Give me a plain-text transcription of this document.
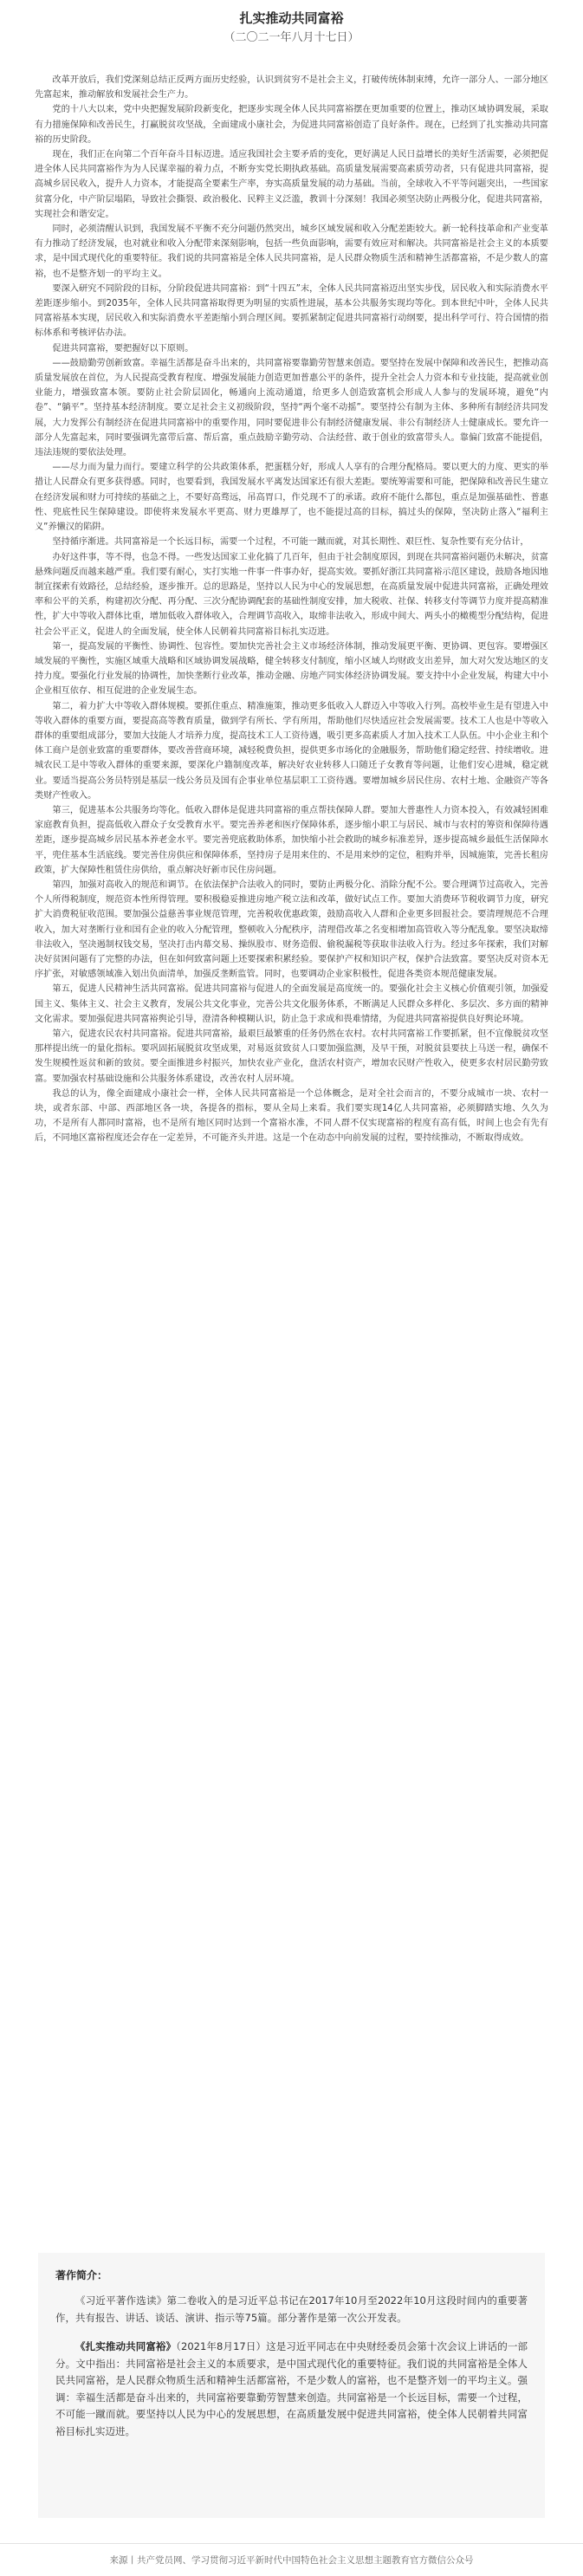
扎实推动共同富裕
（二〇二一年八月十七日）

改革开放后，我们党深刻总结正反两方面历史经验，认识到贫穷不是社会主义，打破传统体制束缚，允许一部分人、一部分地区先富起来，推动解放和发展社会生产力。

党的十八大以来，党中央把握发展阶段新变化，把逐步实现全体人民共同富裕摆在更加重要的位置上，推动区域协调发展，采取有力措施保障和改善民生，打赢脱贫攻坚战，全面建成小康社会，为促进共同富裕创造了良好条件。现在，已经到了扎实推动共同富裕的历史阶段。

现在，我们正在向第二个百年奋斗目标迈进。适应我国社会主要矛盾的变化，更好满足人民日益增长的美好生活需要，必须把促进全体人民共同富裕作为为人民谋幸福的着力点，不断夯实党长期执政基础。高质量发展需要高素质劳动者，只有促进共同富裕，提高城乡居民收入，提升人力资本，才能提高全要素生产率，夯实高质量发展的动力基础。当前，全球收入不平等问题突出，一些国家贫富分化，中产阶层塌陷，导致社会撕裂、政治极化、民粹主义泛滥，教训十分深刻！我国必须坚决防止两极分化，促进共同富裕，实现社会和谐安定。

同时，必须清醒认识到，我国发展不平衡不充分问题仍然突出，城乡区域发展和收入分配差距较大。新一轮科技革命和产业变革有力推动了经济发展，也对就业和收入分配带来深刻影响，包括一些负面影响，需要有效应对和解决。共同富裕是社会主义的本质要求，是中国式现代化的重要特征。我们说的共同富裕是全体人民共同富裕，是人民群众物质生活和精神生活都富裕，不是少数人的富裕，也不是整齐划一的平均主义。

要深入研究不同阶段的目标，分阶段促进共同富裕：到“十四五”末，全体人民共同富裕迈出坚实步伐，居民收入和实际消费水平差距逐步缩小。到2035年，全体人民共同富裕取得更为明显的实质性进展，基本公共服务实现均等化。到本世纪中叶，全体人民共同富裕基本实现，居民收入和实际消费水平差距缩小到合理区间。要抓紧制定促进共同富裕行动纲要，提出科学可行、符合国情的指标体系和考核评估办法。

促进共同富裕，要把握好以下原则。

——鼓励勤劳创新致富。幸福生活都是奋斗出来的，共同富裕要靠勤劳智慧来创造。要坚持在发展中保障和改善民生，把推动高质量发展放在首位，为人民提高受教育程度、增强发展能力创造更加普惠公平的条件，提升全社会人力资本和专业技能，提高就业创业能力，增强致富本领。要防止社会阶层固化，畅通向上流动通道，给更多人创造致富机会形成人人参与的发展环境，避免“内卷”、“躺平”。坚持基本经济制度。要立足社会主义初级阶段，坚持“两个毫不动摇”。要坚持公有制为主体、多种所有制经济共同发展，大力发挥公有制经济在促进共同富裕中的重要作用，同时要促进非公有制经济健康发展、非公有制经济人士健康成长。要允许一部分人先富起来，同时要强调先富带后富、帮后富，重点鼓励辛勤劳动、合法经营、敢于创业的致富带头人。靠偏门致富不能提倡，违法违规的要依法处理。

——尽力而为量力而行。要建立科学的公共政策体系，把蛋糕分好，形成人人享有的合理分配格局。要以更大的力度、更实的举措让人民群众有更多获得感。同时，也要看到，我国发展水平离发达国家还有很大差距。要统筹需要和可能，把保障和改善民生建立在经济发展和财力可持续的基础之上，不要好高骛远，吊高胃口，作兑现不了的承诺。政府不能什么都包，重点是加强基础性、普惠性、兜底性民生保障建设。即使将来发展水平更高、财力更雄厚了，也不能提过高的目标，搞过头的保障，坚决防止落入“福利主义”养懒汉的陷阱。

坚持循序渐进。共同富裕是一个长远目标，需要一个过程，不可能一蹴而就，对其长期性、艰巨性、复杂性要有充分估计，

办好这件事，等不得，也急不得。一些发达国家工业化搞了几百年，但由于社会制度原因，到现在共同富裕问题仍未解决，贫富悬殊问题反而越来越严重。我们要有耐心，实打实地一件事一件事办好，提高实效。要抓好浙江共同富裕示范区建设，鼓励各地因地制宜探索有效路径，总结经验，逐步推开。总的思路是，坚持以人民为中心的发展思想，在高质量发展中促进共同富裕，正确处理效率和公平的关系，构建初次分配、再分配、三次分配协调配套的基础性制度安排，加大税收、社保、转移支付等调节力度并提高精准性，扩大中等收入群体比重，增加低收入群体收入，合理调节高收入，取缔非法收入，形成中间大、两头小的橄榄型分配结构，促进社会公平正义，促进人的全面发展，使全体人民朝着共同富裕目标扎实迈进。

第一，提高发展的平衡性、协调性、包容性。要加快完善社会主义市场经济体制，推动发展更平衡、更协调、更包容。要增强区域发展的平衡性，实施区域重大战略和区域协调发展战略，健全转移支付制度，缩小区域人均财政支出差异，加大对欠发达地区的支持力度。要强化行业发展的协调性，加快垄断行业改革，推动金融、房地产同实体经济协调发展。要支持中小企业发展，构建大中小企业相互依存、相互促进的企业发展生态。

第二，着力扩大中等收入群体规模。要抓住重点、精准施策，推动更多低收入人群迈入中等收入行列。高校毕业生是有望进入中等收入群体的重要方面，要提高高等教育质量，做到学有所长、学有所用，帮助他们尽快适应社会发展需要。技术工人也是中等收入群体的重要组成部分，要加大技能人才培养力度，提高技术工人工资待遇，吸引更多高素质人才加入技术工人队伍。中小企业主和个体工商户是创业致富的重要群体，要改善营商环境，减轻税费负担，提供更多市场化的金融服务，帮助他们稳定经营、持续增收。进城农民工是中等收入群体的重要来源，要深化户籍制度改革，解决好农业转移人口随迁子女教育等问题，让他们安心进城，稳定就业。要适当提高公务员特别是基层一线公务员及国有企事业单位基层职工工资待遇。要增加城乡居民住房、农村土地、金融资产等各类财产性收入。

第三，促进基本公共服务均等化。低收入群体是促进共同富裕的重点帮扶保障人群。要加大普惠性人力资本投入，有效减轻困难家庭教育负担，提高低收入群众子女受教育水平。要完善养老和医疗保障体系，逐步缩小职工与居民、城市与农村的筹资和保障待遇差距，逐步提高城乡居民基本养老金水平。要完善兜底救助体系，加快缩小社会救助的城乡标准差异，逐步提高城乡最低生活保障水平，兜住基本生活底线。要完善住房供应和保障体系，坚持房子是用来住的、不是用来炒的定位，租购并举，因城施策，完善长租房政策，扩大保障性租赁住房供给，重点解决好新市民住房问题。

第四，加强对高收入的规范和调节。在依法保护合法收入的同时，要防止两极分化、消除分配不公。要合理调节过高收入，完善个人所得税制度，规范资本性所得管理。要积极稳妥推进房地产税立法和改革，做好试点工作。要加大消费环节税收调节力度，研究扩大消费税征收范围。要加强公益慈善事业规范管理，完善税收优惠政策，鼓励高收入人群和企业更多回报社会。要清理规范不合理收入，加大对垄断行业和国有企业的收入分配管理，整顿收入分配秩序，清理借改革之名变相增加高管收入等分配乱象。要坚决取缔非法收入，坚决遏制权钱交易，坚决打击内幕交易、操纵股市、财务造假、偷税漏税等获取非法收入行为。经过多年探索，我们对解决好贫困问题有了完整的办法，但在如何致富问题上还要探索积累经验。要保护产权和知识产权，保护合法致富。要坚决反对资本无序扩张，对敏感领域准入划出负面清单，加强反垄断监管。同时，也要调动企业家积极性，促进各类资本规范健康发展。

第五，促进人民精神生活共同富裕。促进共同富裕与促进人的全面发展是高度统一的。要强化社会主义核心价值观引领，加强爱国主义、集体主义、社会主义教育，发展公共文化事业，完善公共文化服务体系，不断满足人民群众多样化、多层次、多方面的精神文化需求。要加强促进共同富裕舆论引导，澄清各种模糊认识，防止急于求成和畏难情绪，为促进共同富裕提供良好舆论环境。

第六，促进农民农村共同富裕。促进共同富裕，最艰巨最繁重的任务仍然在农村。农村共同富裕工作要抓紧，但不宜像脱贫攻坚那样提出统一的量化指标。要巩固拓展脱贫攻坚成果，对易返贫致贫人口要加强监测，及早干预，对脱贫县要扶上马送一程，确保不发生规模性返贫和新的致贫。要全面推进乡村振兴，加快农业产业化，盘活农村资产，增加农民财产性收入，使更多农村居民勤劳致富。要加强农村基础设施和公共服务体系建设，改善农村人居环境。

我总的认为，像全面建成小康社会一样，全体人民共同富裕是一个总体概念，是对全社会而言的，不要分成城市一块、农村一块，或者东部、中部、西部地区各一块，各提各的指标，要从全局上来看。我们要实现14亿人共同富裕，必须脚踏实地、久久为功，不是所有人都同时富裕，也不是所有地区同时达到一个富裕水准，不同人群不仅实现富裕的程度有高有低，时间上也会有先有后，不同地区富裕程度还会存在一定差异，不可能齐头并进。这是一个在动态中向前发展的过程，要持续推动，不断取得成效。

著作简介：

《习近平著作选读》第二卷收入的是习近平总书记在2017年10月至2022年10月这段时间内的重要著作，共有报告、讲话、谈话、演讲、指示等75篇。部分著作是第一次公开发表。

《扎实推动共同富裕》（2021年8月17日）这是习近平同志在中央财经委员会第十次会议上讲话的一部分。文中指出：共同富裕是社会主义的本质要求，是中国式现代化的重要特征。我们说的共同富裕是全体人民共同富裕，是人民群众物质生活和精神生活都富裕，不是少数人的富裕，也不是整齐划一的平均主义。强调：幸福生活都是奋斗出来的，共同富裕要靠勤劳智慧来创造。共同富裕是一个长远目标，需要一个过程，不可能一蹴而就。要坚持以人民为中心的发展思想，在高质量发展中促进共同富裕，使全体人民朝着共同富裕目标扎实迈进。

来源丨共产党员网、学习贯彻习近平新时代中国特色社会主义思想主题教育官方微信公众号
